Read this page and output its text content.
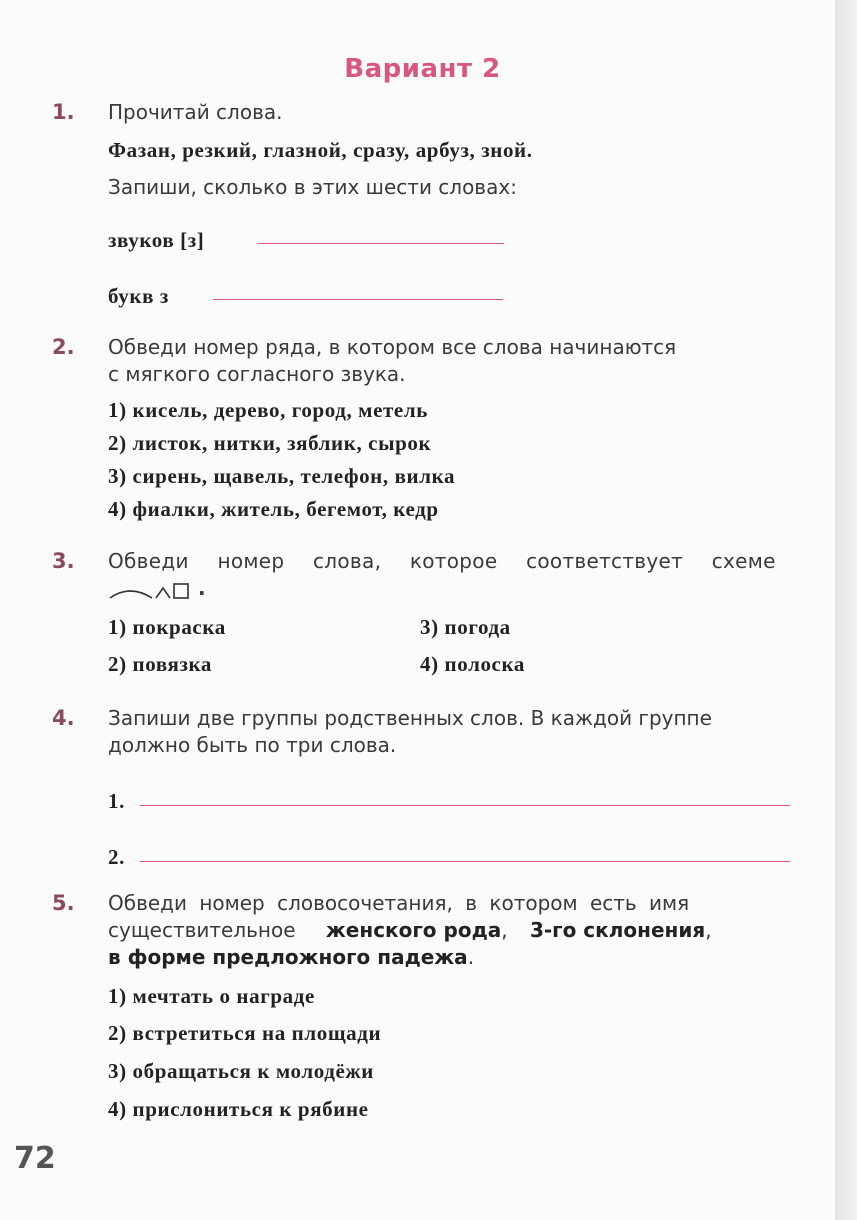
Вариант 2
1. Прочитай слова.
Фазан, резкий, глазной, сразу, арбуз, зной.
Запиши, сколько в этих шести словах:
звуков [з]
букв з
2. Обведи номер ряда, в котором все слова начинаются
с мягкого согласного звука.
1) кисель, дерево, город, метель
2) листок, нитки, зяблик, сырок
3) сирень, щавель, телефон, вилка
4) фиалки, житель, бегемот, кедр
3. Обведи номер слова, которое соответствует схеме
.
1) покраска	3) погода
2) повязка	4) полоска
4. Запиши две группы родственных слов. В каждой группе
должно быть по три слова.
1.
2.
5. Обведи номер словосочетания, в котором есть имя
существительное женского рода, 3-го склонения,
в форме предложного падежа.
1) мечтать о награде
2) встретиться на площади
3) обращаться к молодёжи
4) прислониться к рябине
72
